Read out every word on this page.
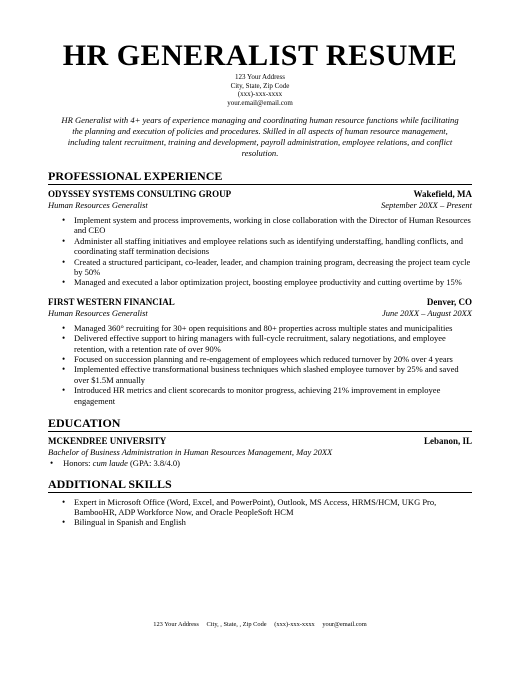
HR GENERALIST RESUME
123 Your Address
City, State, Zip Code
(xxx)-xxx-xxxx
your.email@email.com
HR Generalist with 4+ years of experience managing and coordinating human resource functions while facilitating the planning and execution of policies and procedures. Skilled in all aspects of human resource management, including talent recruitment, training and development, payroll administration, employee relations, and conflict resolution.
PROFESSIONAL EXPERIENCE
ODYSSEY SYSTEMS CONSULTING GROUP	Wakefield, MA
Human Resources Generalist	September 20XX – Present
• Implement system and process improvements, working in close collaboration with the Director of Human Resources and CEO
• Administer all staffing initiatives and employee relations such as identifying understaffing, handling conflicts, and coordinating staff termination decisions
• Created a structured participant, co-leader, leader, and champion training program, decreasing the project team cycle by 50%
• Managed and executed a labor optimization project, boosting employee productivity and cutting overtime by 15%
FIRST WESTERN FINANCIAL	Denver, CO
Human Resources Generalist	June 20XX – August 20XX
• Managed 360° recruiting for 30+ open requisitions and 80+ properties across multiple states and municipalities
• Delivered effective support to hiring managers with full-cycle recruitment, salary negotiations, and employee retention, with a retention rate of over 90%
• Focused on succession planning and re-engagement of employees which reduced turnover by 20% over 4 years
• Implemented effective transformational business techniques which slashed employee turnover by 25% and saved over $1.5M annually
• Introduced HR metrics and client scorecards to monitor progress, achieving 21% improvement in employee engagement
EDUCATION
MCKENDREE UNIVERSITY	Lebanon, IL
Bachelor of Business Administration in Human Resources Management, May 20XX
• Honors: cum laude (GPA: 3.8/4.0)
ADDITIONAL SKILLS
• Expert in Microsoft Office (Word, Excel, and PowerPoint), Outlook, MS Access, HRMS/HCM, UKG Pro, BambooHR, ADP Workforce Now, and Oracle PeopleSoft HCM
• Bilingual in Spanish and English
123 Your Address City, , State, , Zip Code (xxx)-xxx-xxxx your@email.com
